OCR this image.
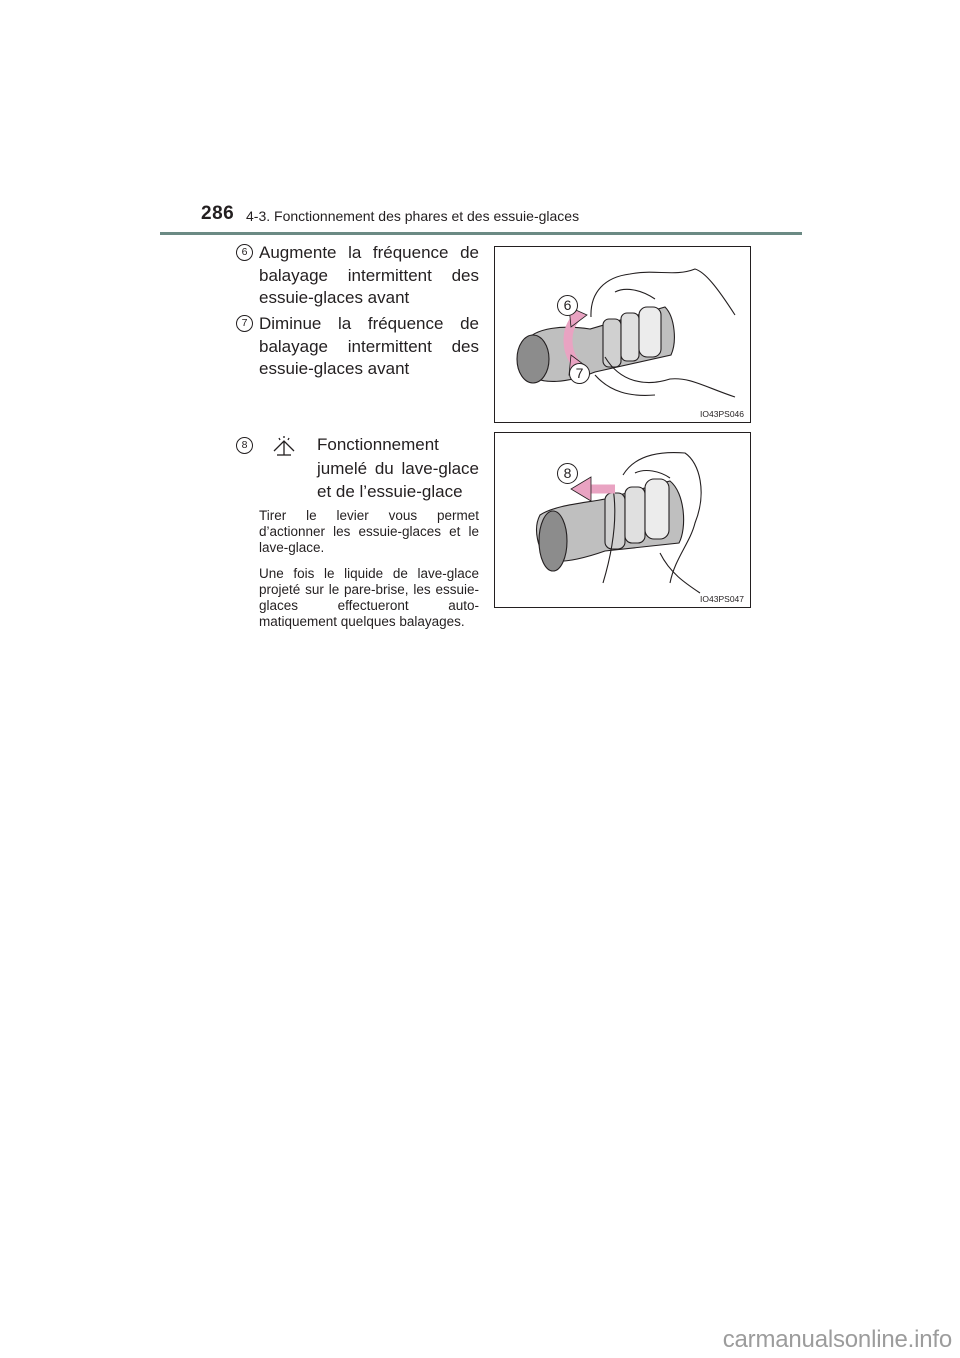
286 4-3. Fonctionnement des phares et des essuie-glaces
6 Augmente la fréquence de balayage intermittent des essuie-glaces avant
7 Diminue la fréquence de balayage intermittent des essuie-glaces avant
6
7
IO43PS046
8	Fonctionnement
jumelé du lave-glace et de l’essuie-glace
Tirer le levier vous permet d’actionner les essuie-glaces et le lave-glace.
Une fois le liquide de lave-glace projeté sur le pare-brise, les essuie-glaces effectueront auto- matiquement quelques balayages.
8
IO43PS047
carmanualsonline.info
